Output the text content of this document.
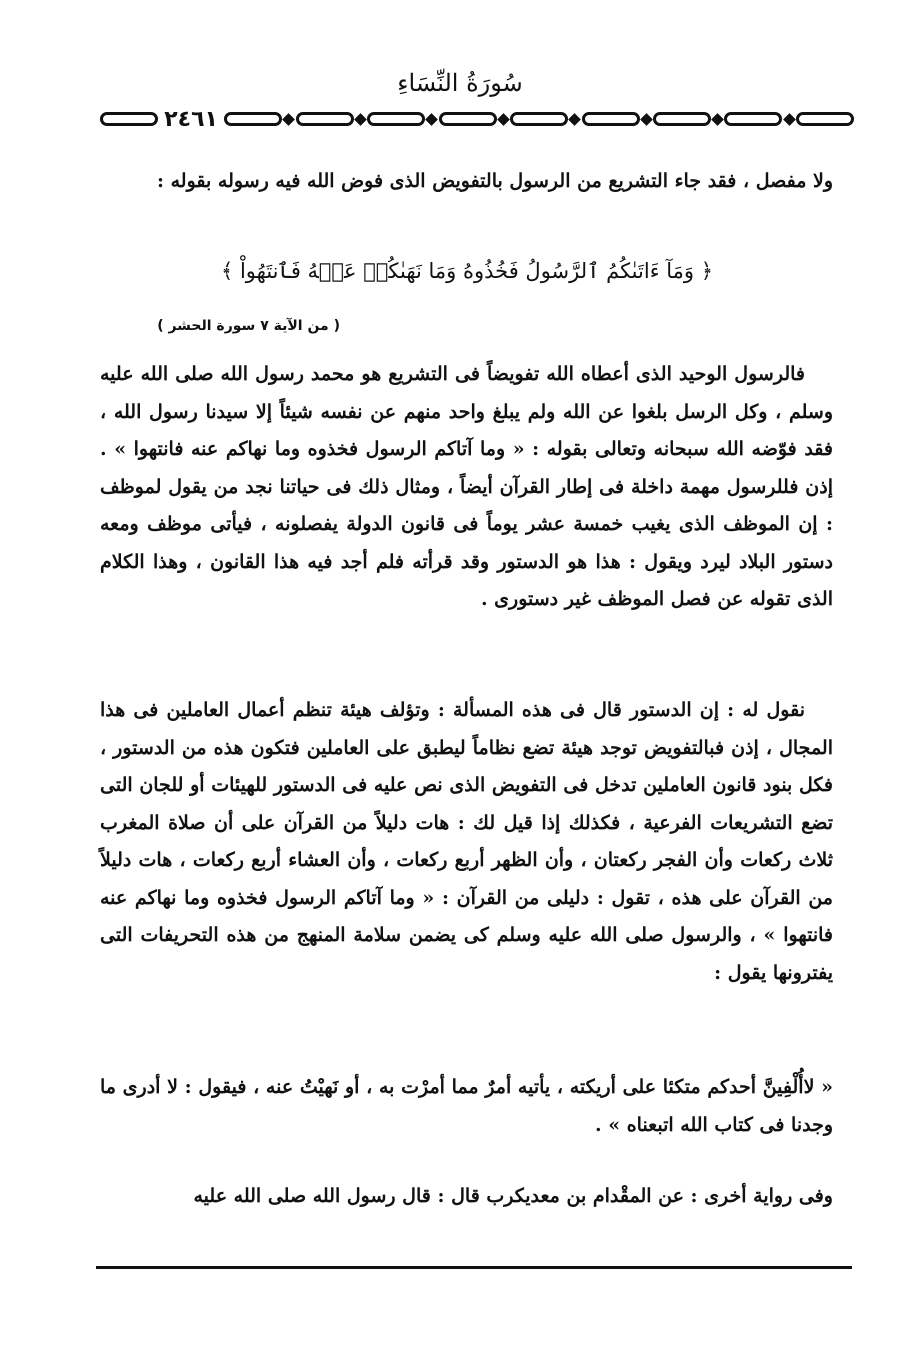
سُورَةُ النِّسَاءِ
٢٤٦١
ولا مفصل ، فقد جاء التشريع من الرسول بالتفويض الذى فوض الله فيه رسوله بقوله :
﴿ وَمَآ ءَاتَىٰكُمُ ٱلرَّسُولُ فَخُذُوهُ وَمَا نَهَىٰكُمۡ عَنۡهُ فَٱنتَهُواْ ﴾
( من الآية ٧ سورة الحشر )
فالرسول الوحيد الذى أعطاه الله تفويضاً فى التشريع هو محمد رسول الله صلى الله عليه وسلم ، وكل الرسل بلغوا عن الله ولم يبلغ واحد منهم عن نفسه شيئاً إلا سيدنا رسول الله ، فقد فوّضه الله سبحانه وتعالى بقوله : « وما آتاكم الرسول فخذوه وما نهاكم عنه فانتهوا » . إذن فللرسول مهمة داخلة فى إطار القرآن أيضاً ، ومثال ذلك فى حياتنا نجد من يقول لموظف : إن الموظف الذى يغيب خمسة عشر يوماً فى قانون الدولة يفصلونه ، فيأتى موظف ومعه دستور البلاد ليرد ويقول : هذا هو الدستور وقد قرأته فلم أجد فيه هذا القانون ، وهذا الكلام الذى تقوله عن فصل الموظف غير دستورى .
نقول له : إن الدستور قال فى هذه المسألة : وتؤلف هيئة تنظم أعمال العاملين فى هذا المجال ، إذن فبالتفويض توجد هيئة تضع نظاماً ليطبق على العاملين فتكون هذه من الدستور ، فكل بنود قانون العاملين تدخل فى التفويض الذى نص عليه فى الدستور للهيئات أو للجان التى تضع التشريعات الفرعية ، فكذلك إذا قيل لك : هات دليلاً من القرآن على أن صلاة المغرب ثلاث ركعات وأن الفجر ركعتان ، وأن الظهر أربع ركعات ، وأن العشاء أربع ركعات ، هات دليلاً من القرآن على هذه ، تقول : دليلى من القرآن : « وما آتاكم الرسول فخذوه وما نهاكم عنه فانتهوا » ، والرسول صلى الله عليه وسلم كى يضمن سلامة المنهج من هذه التحريفات التى يفترونها يقول :
« لاأُلْفِينَّ أحدكم متكئا على أريكته ، يأتيه أمرٌ مما أمرْت به ، أو نَهيْتُ عنه ، فيقول : لا أدرى ما وجدنا فى كتاب الله اتبعناه » .
وفى رواية أخرى : عن المقْدام بن معديكرب قال : قال رسول الله صلى الله عليه
